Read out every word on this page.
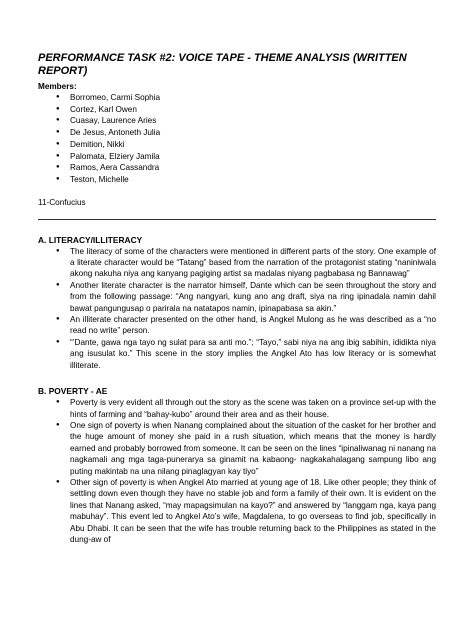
PERFORMANCE TASK #2: VOICE TAPE - THEME ANALYSIS (WRITTEN REPORT)
Members:
● Borromeo, Carmi Sophia
● Cortez, Karl Owen
● Cuasay, Laurence Aries
● De Jesus, Antoneth Julia
● Demition, Nikki
● Palomata, Elziery Jamila
● Ramos, Aera Cassandra
● Teston, Michelle
11-Confucius
A. LITERACY/ILLITERACY
● The literacy of some of the characters were mentioned in different parts of the story. One example of a literate character would be “Tatang” based from the narration of the protagonist stating “naniniwala akong nakuha niya ang kanyang pagiging artist sa madalas niyang pagbabasa ng Bannawag”
● Another literate character is the narrator himself, Dante which can be seen throughout the story and from the following passage: “Ang nangyari, kung ano ang draft, siya na ring ipinadala namin dahil bawat pangungusap o parirala na natatapos namin, ipinapabasa sa akin.”
● An illiterate character presented on the other hand, is Angkel Mulong as he was described as a “no read no write” person.
● “’Dante, gawa nga tayo ng sulat para sa anti mo.”; “Tayo,” sabi niya na ang ibig sabihin, ididikta niya ang isusulat ko.” This scene in the story implies the Angkel Ato has low literacy or is somewhat illiterate.
B. POVERTY - AE
● Poverty is very evident all through out the story as the scene was taken on a province set-up with the hints of farming and “bahay-kubo” around their area and as their house.
● One sign of poverty is when Nanang complained about the situation of the casket for her brother and the huge amount of money she paid in a rush situation, which means that the money is hardly earned and probably borrowed from someone. It can be seen on the lines “ipinaliwanag ni nanang na nagkamali ang mga taga-punerarya sa ginamit na kabaong- nagkakahalagang sampung libo ang puting makintab na una nilang pinaglagyan kay tiyo”
● Other sign of poverty is when Angkel Ato married at young age of 18. Like other people; they think of settling down even though they have no stable job and form a family of their own. It is evident on the lines that Nanang asked, “may mapagsimulan na kayo?” and answered by “langgam nga, kaya pang mabuhay”. This event led to Angkel Ato’s wife, Magdalena, to go overseas to find job, specifically in Abu Dhabi. It can be seen that the wife has trouble returning back to the Philippines as stated in the dung-aw of
